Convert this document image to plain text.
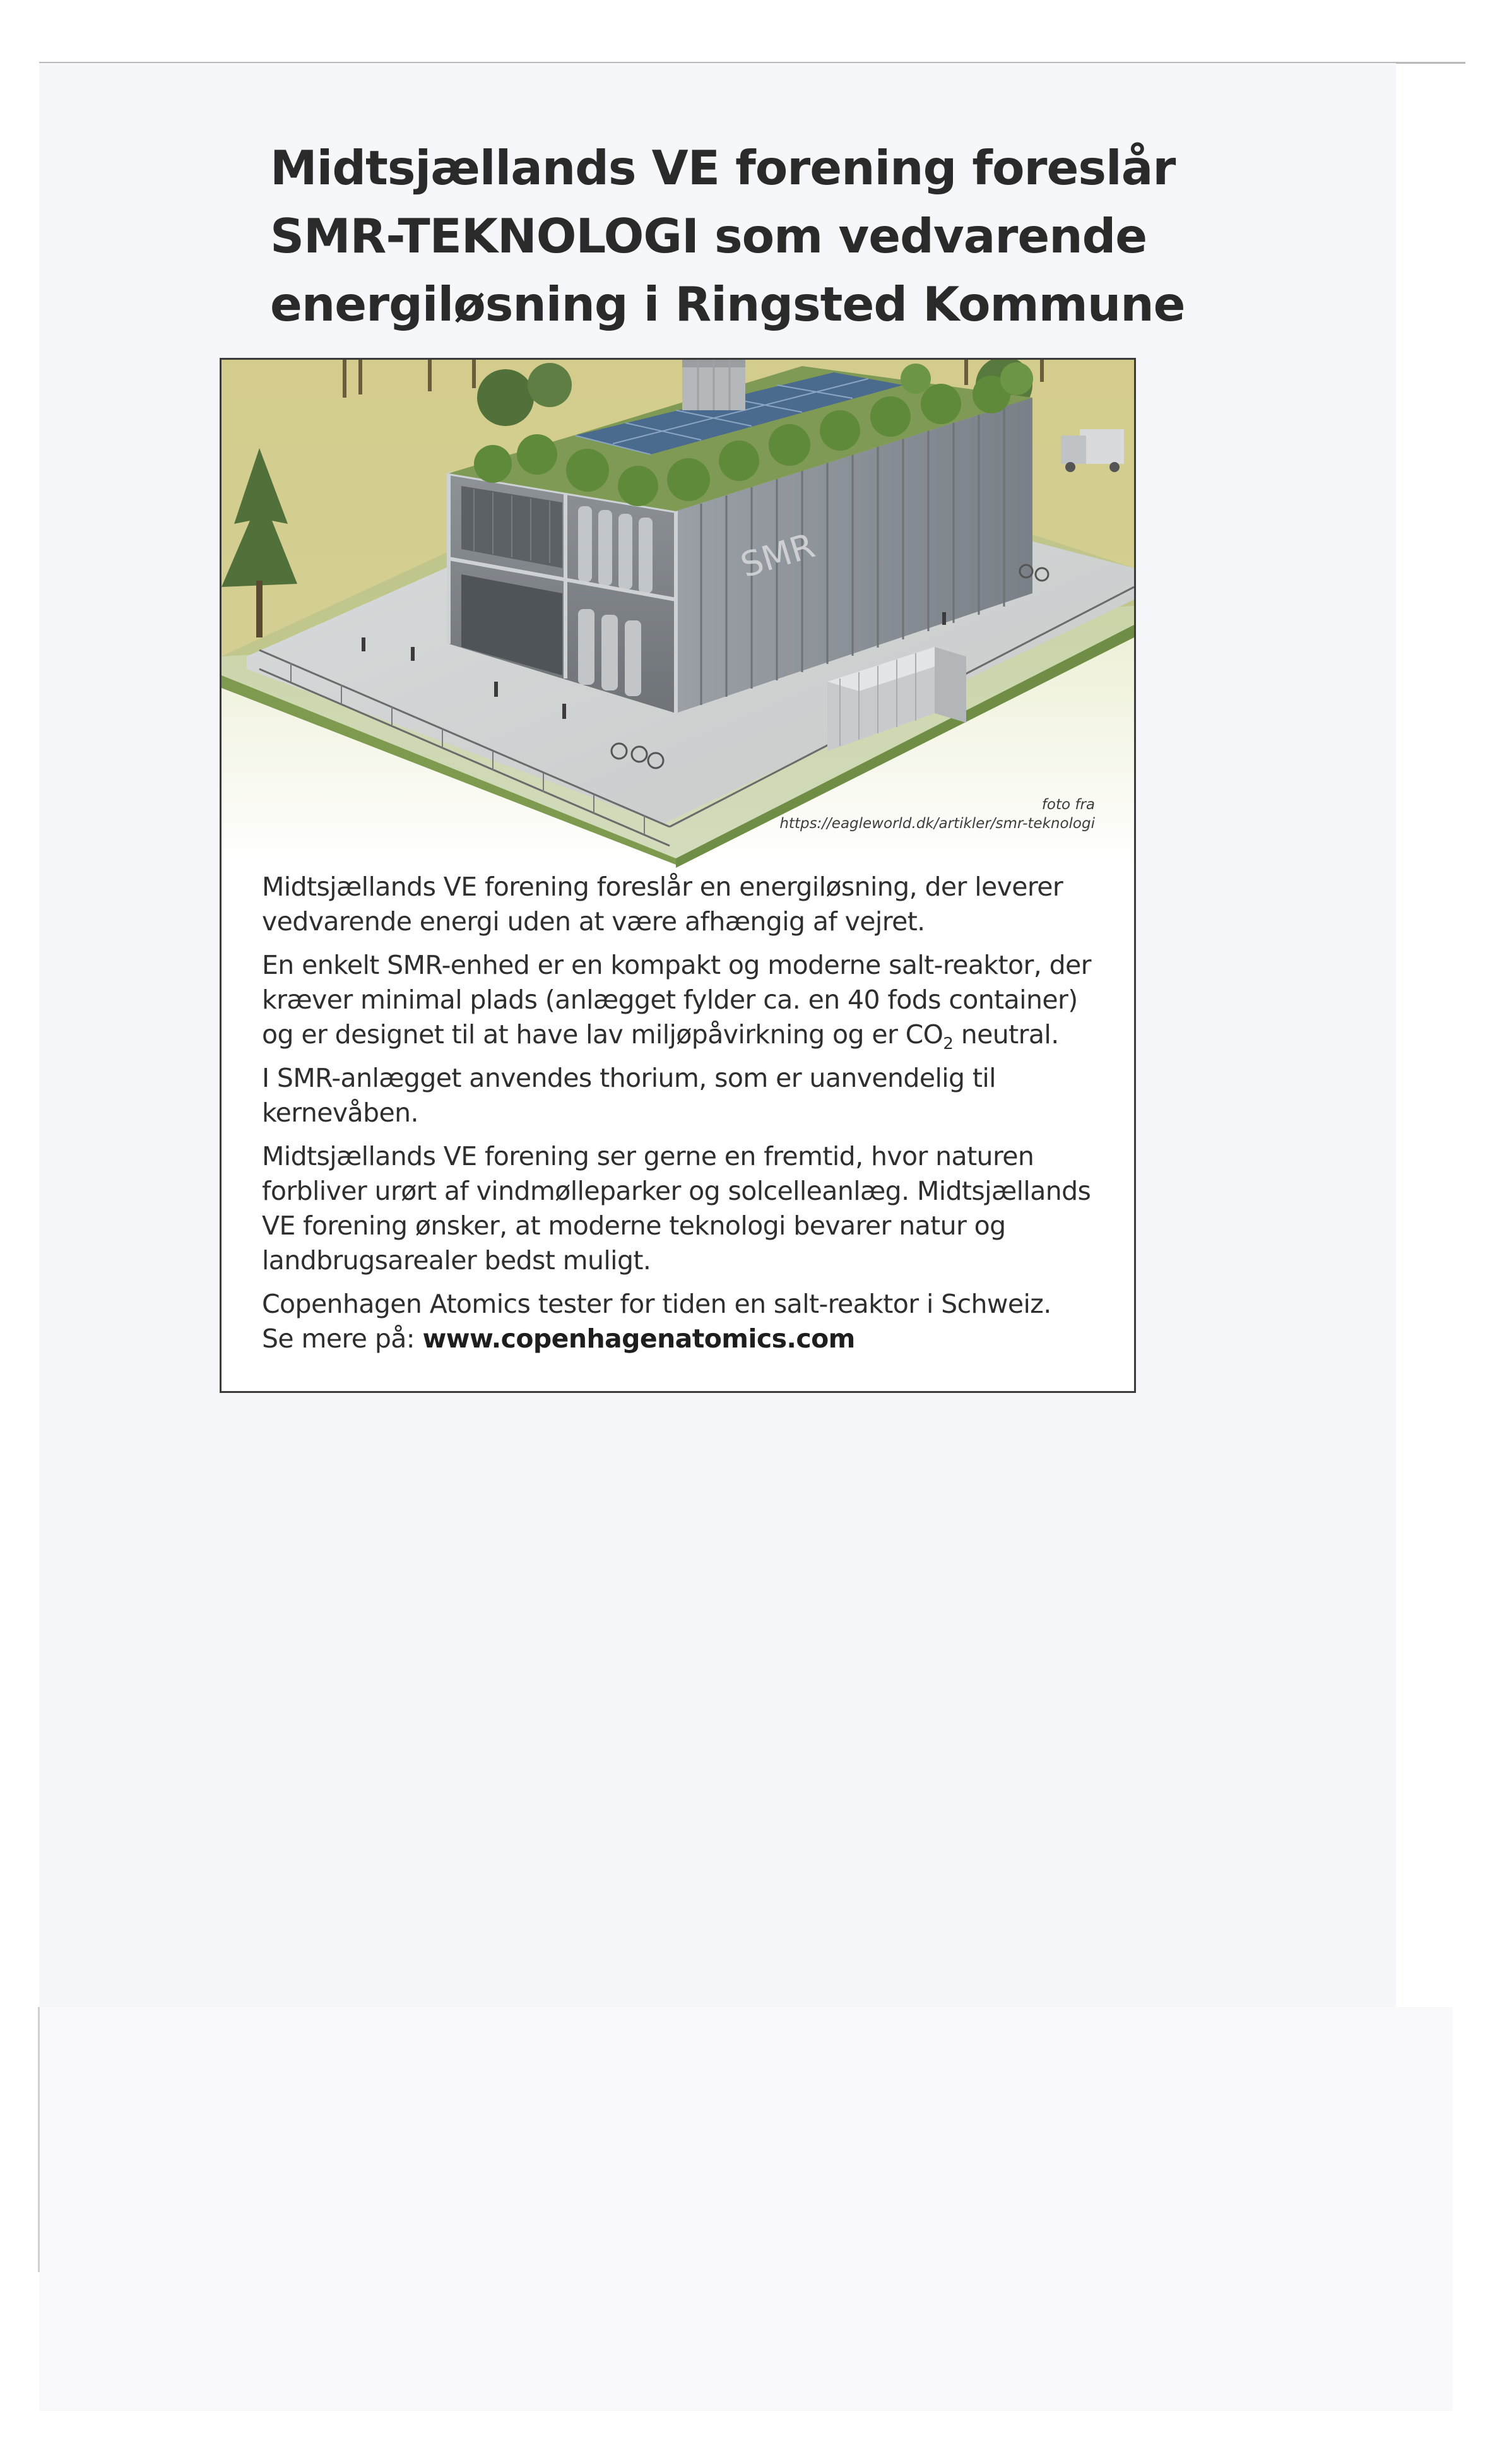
Midtsjællands VE forening foreslår
SMR-TEKNOLOGI som vedvarende
energiløsning i Ringsted Kommune
SMR
foto fra
https://eagleworld.dk/artikler/smr-teknologi

Midtsjællands VE forening foreslår en energiløsning, der leverer
vedvarende energi uden at være afhængig af vejret.

En enkelt SMR-enhed er en kompakt og moderne salt-reaktor, der
kræver minimal plads (anlægget fylder ca. en 40 fods container)
og er designet til at have lav miljøpåvirkning og er $CO_2$ neutral.

I SMR-anlægget anvendes thorium, som er uanvendelig til
kernevåben.

Midtsjællands VE forening ser gerne en fremtid, hvor naturen
forbliver urørt af vindmølleparker og solcelleanlæg. Midtsjællands
VE forening ønsker, at moderne teknologi bevarer natur og
landbrugsarealer bedst muligt.

Copenhagen Atomics tester for tiden en salt-reaktor i Schweiz.
Se mere på: www.copenhagenatomics.com
